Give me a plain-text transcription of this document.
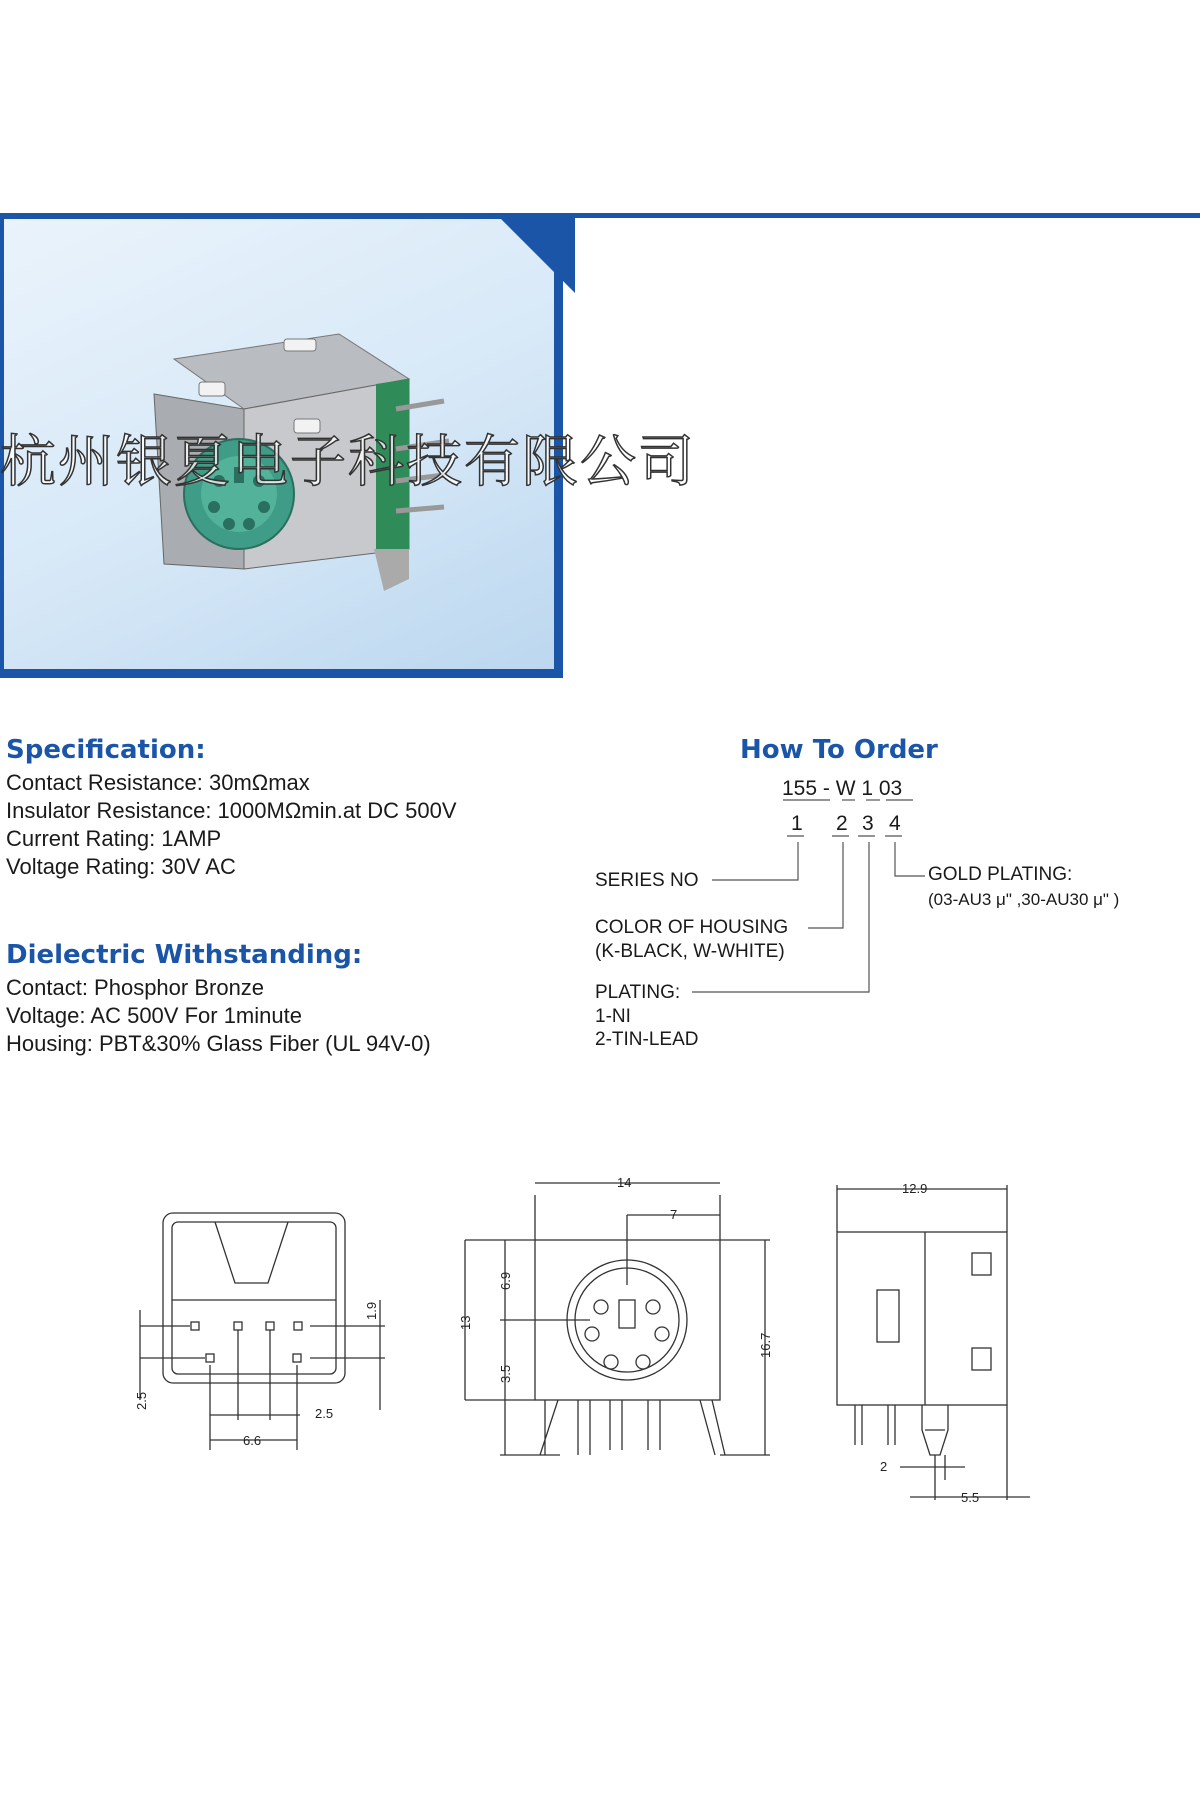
杭州银夏电子科技有限公司
Specification:
Contact Resistance: 30mΩmax
Insulator Resistance: 1000MΩmin.at DC 500V
Current Rating: 1AMP
Voltage Rating: 30V AC
Dielectric Withstanding:
Contact: Phosphor Bronze
Voltage: AC 500V For 1minute
Housing: PBT&30% Glass Fiber (UL 94V-0)
How To Order
155 - W 1 03
1 2 3 4
SERIES NO
COLOR OF HOUSING
(K-BLACK, W-WHITE)
PLATING:
1-NI
2-TIN-LEAD
GOLD PLATING:
(03-AU3 μ" ,30-AU30 μ" )
1.9
2.5
2.5
6.6
14
7
6.9
13
3.5
16.7
12.9
2
5.5
